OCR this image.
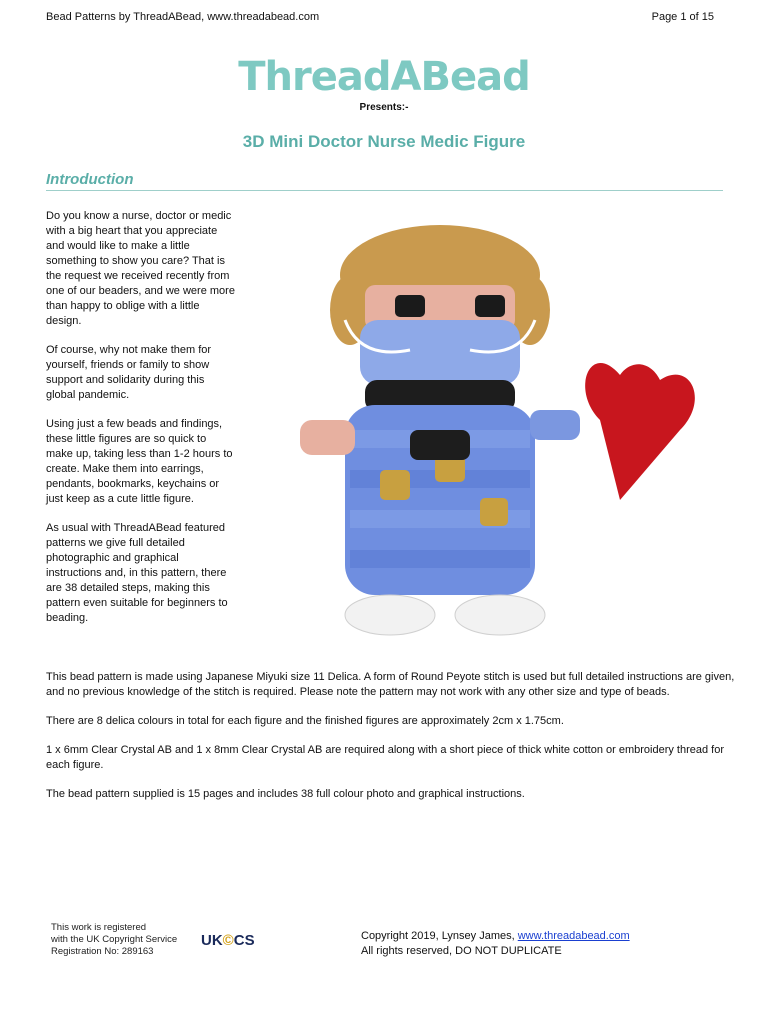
Bead Patterns by ThreadABead, www.threadabead.com	Page 1 of 15
ThreadABead
Presents:-
3D Mini Doctor Nurse Medic Figure
Introduction

Do you know a nurse, doctor or medic with a big heart that you appreciate and would like to make a little something to show you care? That is the request we received recently from one of our beaders, and we were more than happy to oblige with a little design.

Of course, why not make them for yourself, friends or family to show support and solidarity during this global pandemic.

Using just a few beads and findings, these little figures are so quick to make up, taking less than 1-2 hours to create. Make them into earrings, pendants, bookmarks, keychains or just keep as a cute little figure.

As usual with ThreadABead featured patterns we give full detailed photographic and graphical instructions and, in this pattern, there are 38 detailed steps, making this pattern even suitable for beginners to beading.

This bead pattern is made using Japanese Miyuki size 11 Delica. A form of Round Peyote stitch is used but full detailed instructions are given, and no previous knowledge of the stitch is required. Please note the pattern may not work with any other size and type of beads.

There are 8 delica colours in total for each figure and the finished figures are approximately 2cm x 1.75cm.

1 x 6mm Clear Crystal AB and 1 x 8mm Clear Crystal AB are required along with a short piece of thick white cotton or embroidery thread for each figure.

The bead pattern supplied is 15 pages and includes 38 full colour photo and graphical instructions.

This work is registered
with the UK Copyright Service
Registration No: 289163
UK©CS	Copyright 2019, Lynsey James, www.threadabead.com
All rights reserved, DO NOT DUPLICATE
